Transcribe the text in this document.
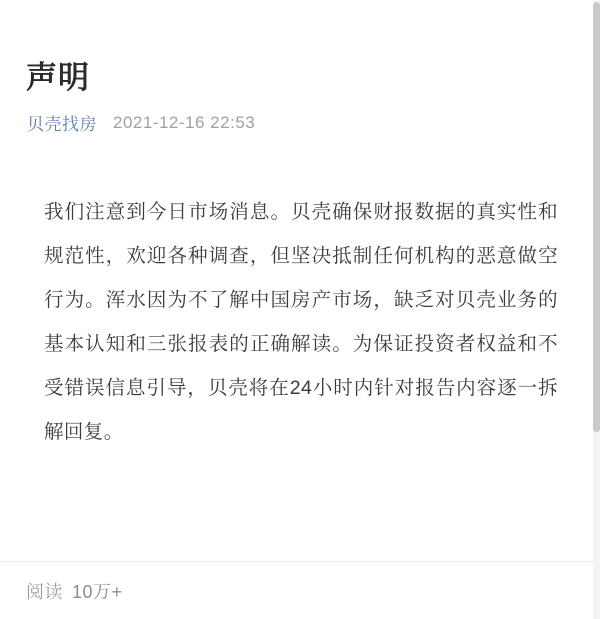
声明
贝壳找房 2021-12-16 22:53
我们注意到今日市场消息。贝壳确保财报数据的真实性和规范性，欢迎各种调查，但坚决抵制任何机构的恶意做空行为。浑水因为不了解中国房产市场，缺乏对贝壳业务的基本认知和三张报表的正确解读。为保证投资者权益和不受错误信息引导，贝壳将在24小时内针对报告内容逐一拆解回复。
阅读 10万+
